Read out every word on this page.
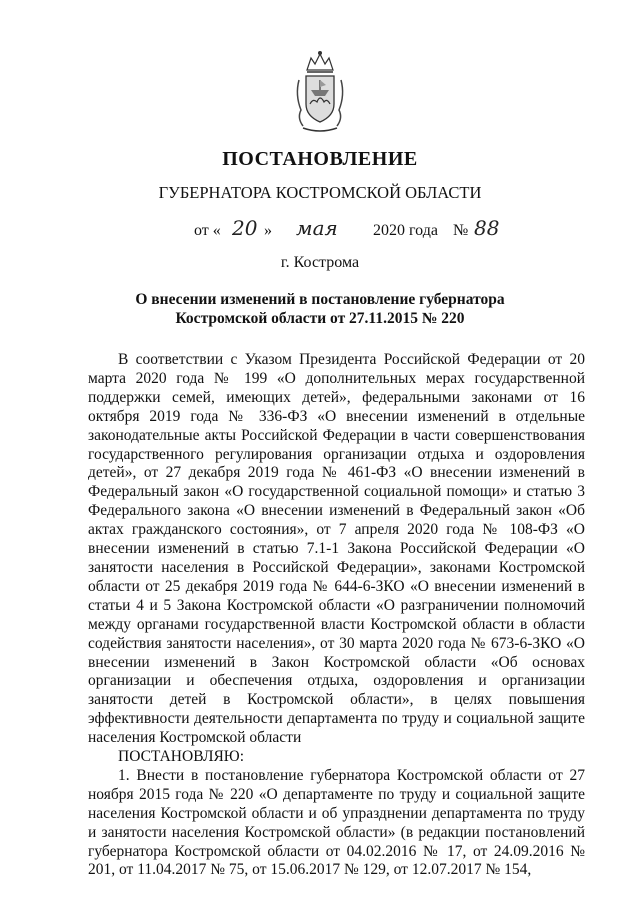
ПОСТАНОВЛЕНИЕ
ГУБЕРНАТОРА КОСТРОМСКОЙ ОБЛАСТИ
от « 20 » мая 2020 года № 88
г. Кострома
О внесении изменений в постановление губернатора
Костромской области от 27.11.2015 № 220

В соответствии с Указом Президента Российской Федерации от 20 марта 2020 года № 199 «О дополнительных мерах государственной поддержки семей, имеющих детей», федеральными законами от 16 октября 2019 года № 336-ФЗ «О внесении изменений в отдельные законодательные акты Российской Федерации в части совершенствования государственного регулирования организации отдыха и оздоровления детей», от 27 декабря 2019 года № 461-ФЗ «О внесении изменений в Федеральный закон «О государственной социальной помощи» и статью 3 Федерального закона «О внесении изменений в Федеральный закон «Об актах гражданского состояния», от 7 апреля 2020 года № 108-ФЗ «О внесении изменений в статью 7.1-1 Закона Российской Федерации «О занятости населения в Российской Федерации», законами Костромской области от 25 декабря 2019 года № 644-6-ЗКО «О внесении изменений в статьи 4 и 5 Закона Костромской области «О разграничении полномочий между органами государственной власти Костромской области в области содействия занятости населения», от 30 марта 2020 года № 673-6-ЗКО «О внесении изменений в Закон Костромской области «Об основах организации и обеспечения отдыха, оздоровления и организации занятости детей в Костромской области», в целях повышения эффективности деятельности департамента по труду и социальной защите населения Костромской области

ПОСТАНОВЛЯЮ:

1. Внести в постановление губернатора Костромской области от 27 ноября 2015 года № 220 «О департаменте по труду и социальной защите населения Костромской области и об упразднении департамента по труду и занятости населения Костромской области» (в редакции постановлений губернатора Костромской области от 04.02.2016 № 17, от 24.09.2016 № 201, от 11.04.2017 № 75, от 15.06.2017 № 129, от 12.07.2017 № 154,
